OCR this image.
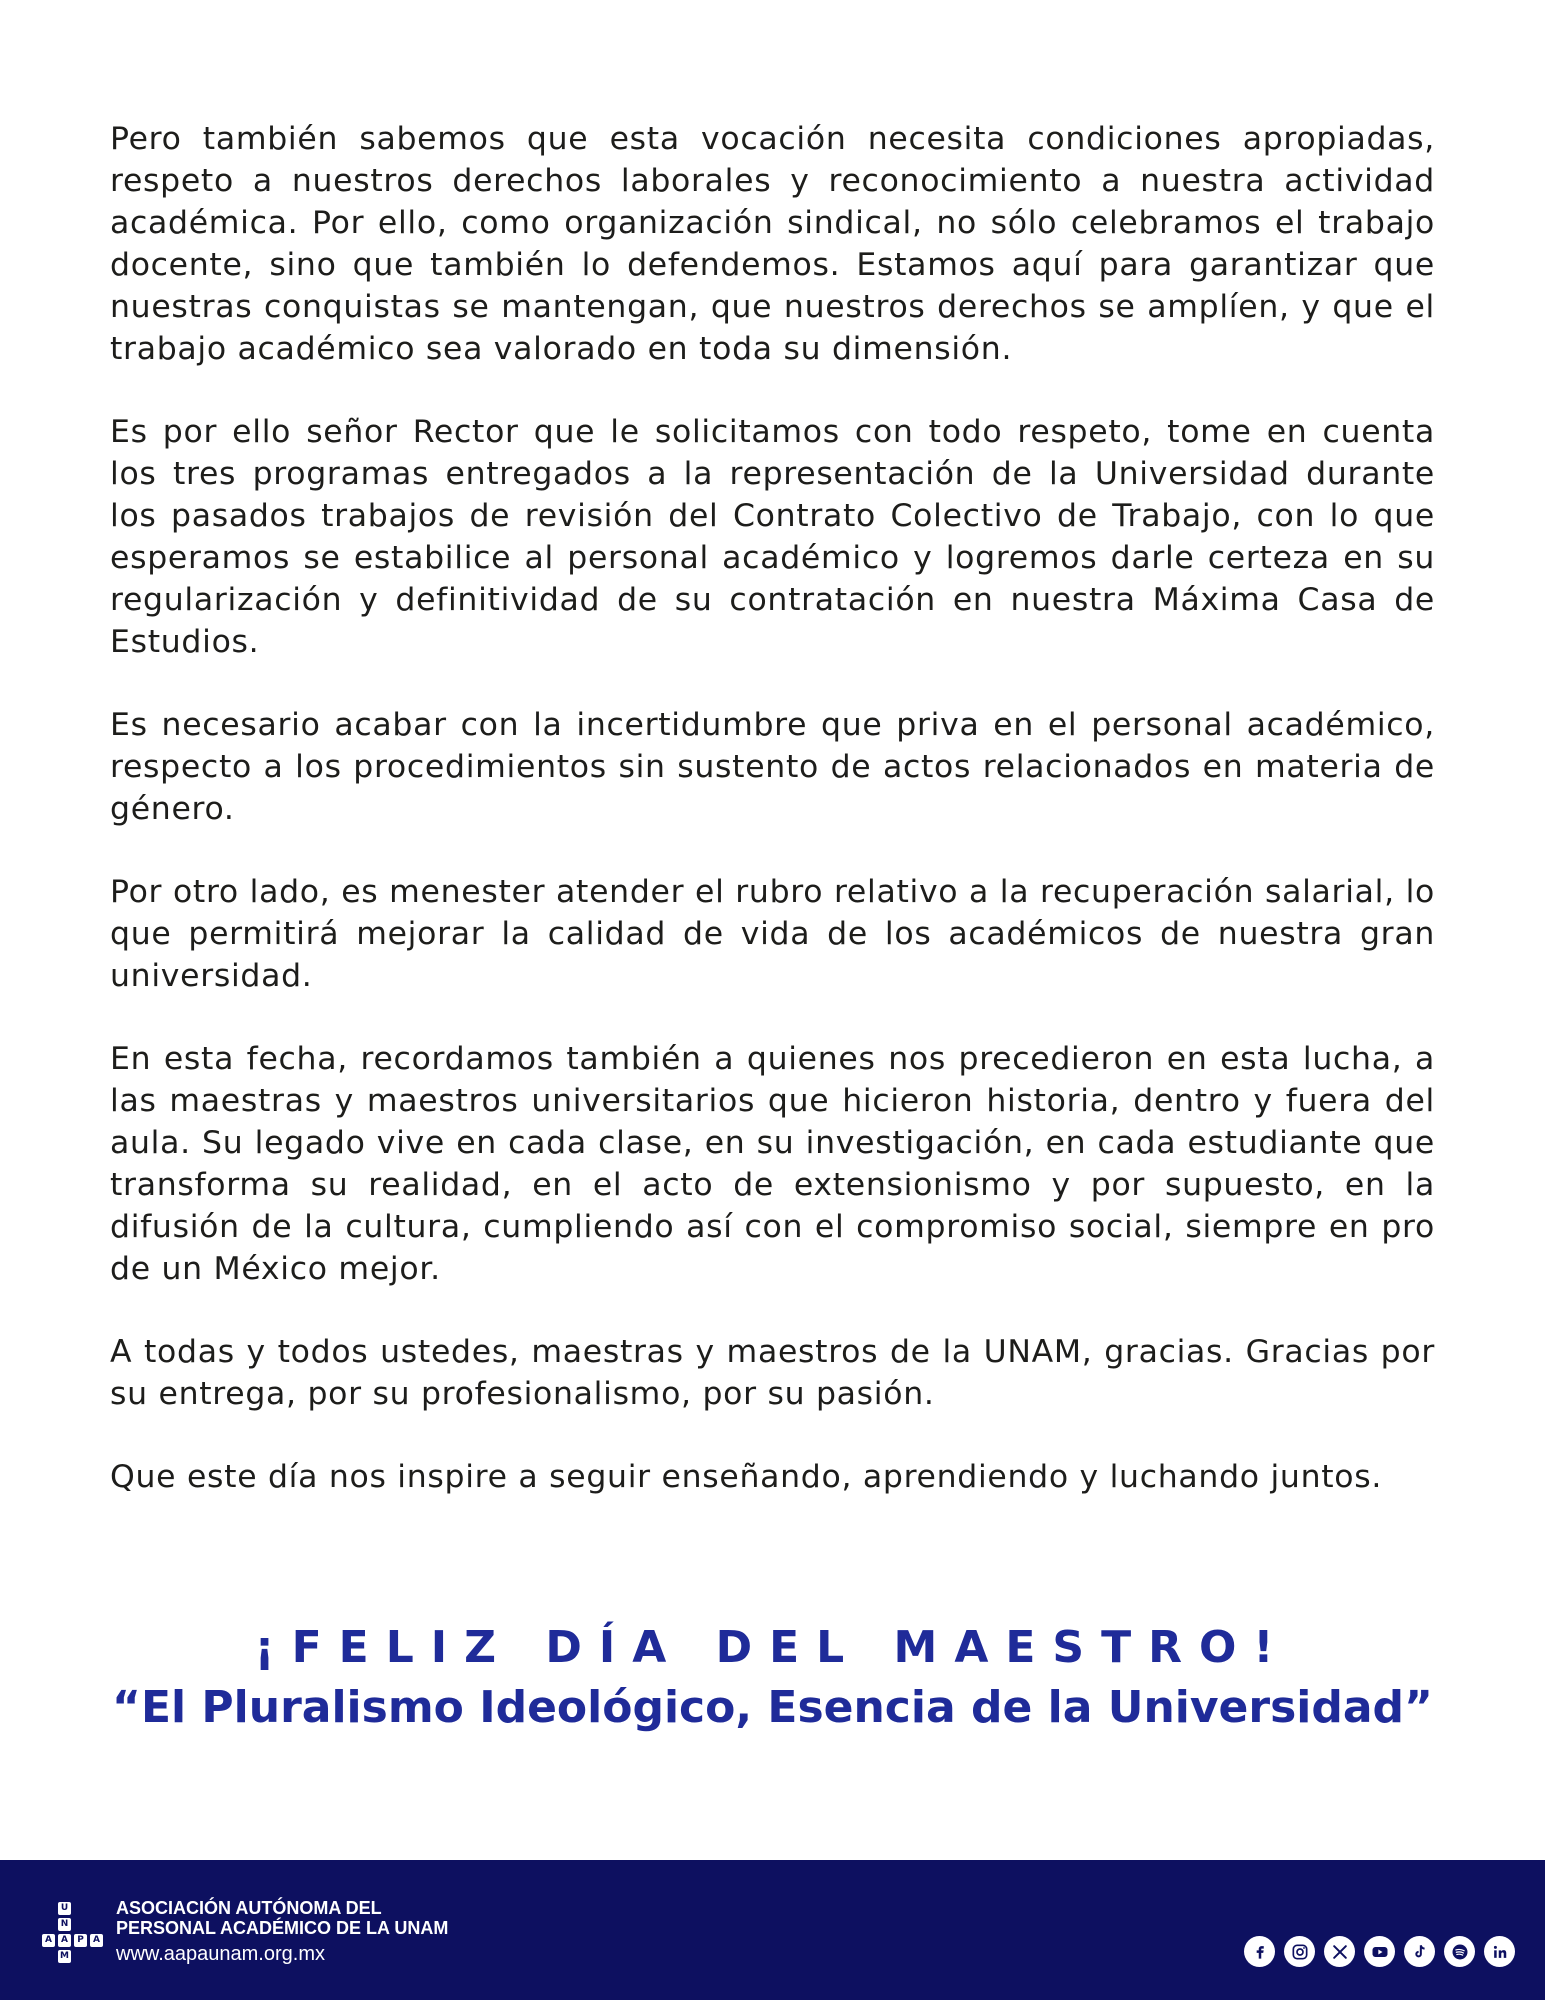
Pero también sabemos que esta vocación necesita condiciones apropiadas, respeto a nuestros derechos laborales y reconocimiento a nuestra actividad académica. Por ello, como organización sindical, no sólo celebramos el trabajo docente, sino que también lo defendemos. Estamos aquí para garantizar que nuestras conquistas se mantengan, que nuestros derechos se amplíen, y que el trabajo académico sea valorado en toda su dimensión.

Es por ello señor Rector que le solicitamos con todo respeto, tome en cuenta los tres programas entregados a la representación de la Universidad durante los pasados trabajos de revisión del Contrato Colectivo de Trabajo, con lo que esperamos se estabilice al personal académico y logremos darle certeza en su regularización y definitividad de su contratación en nuestra Máxima Casa de Estudios.

Es necesario acabar con la incertidumbre que priva en el personal académico, respecto a los procedimientos sin sustento de actos relacionados en materia de género.

Por otro lado, es menester atender el rubro relativo a la recuperación salarial, lo que permitirá mejorar la calidad de vida de los académicos de nuestra gran universidad.

En esta fecha, recordamos también a quienes nos precedieron en esta lucha, a las maestras y maestros universitarios que hicieron historia, dentro y fuera del aula. Su legado vive en cada clase, en su investigación, en cada estudiante que transforma su realidad, en el acto de extensionismo y por supuesto, en la difusión de la cultura, cumpliendo así con el compromiso social, siempre en pro de un México mejor.

A todas y todos ustedes, maestras y maestros de la UNAM, gracias. Gracias por su entrega, por su profesionalismo, por su pasión.

Que este día nos inspire a seguir enseñando, aprendiendo y luchando juntos.

¡FELIZ DÍA DEL MAESTRO!
“El Pluralismo Ideológico, Esencia de la Universidad”
U
N
A	A	P	A
M
ASOCIACIÓN AUTÓNOMA DEL
PERSONAL ACADÉMICO DE LA UNAM
www.aapaunam.org.mx
